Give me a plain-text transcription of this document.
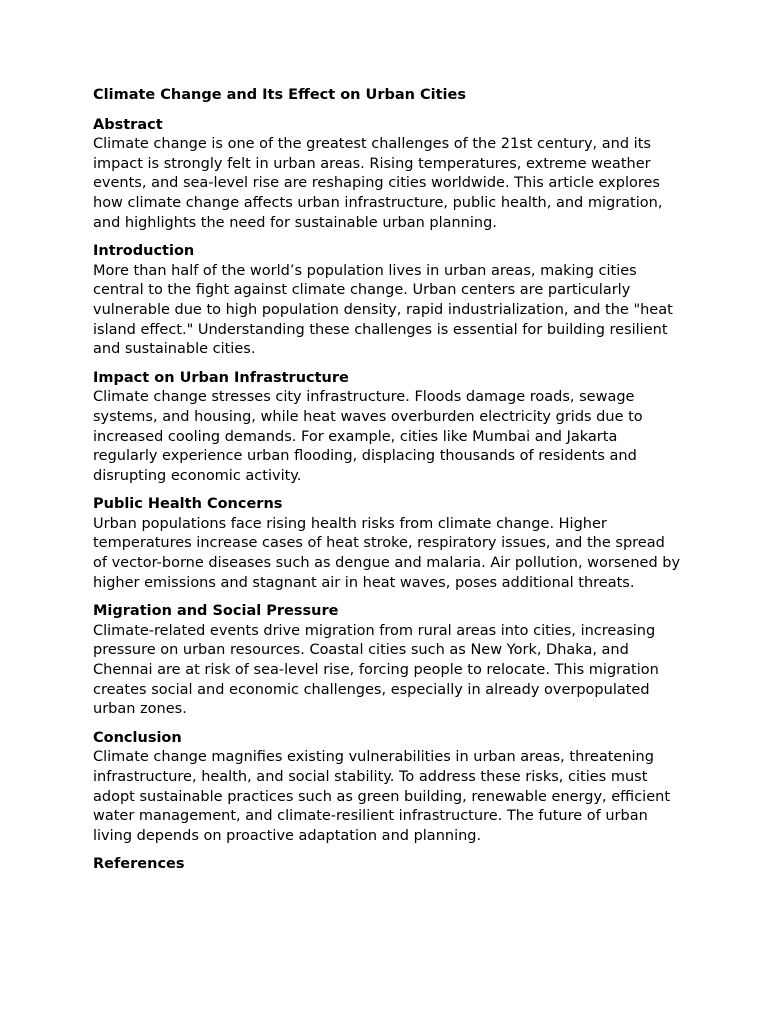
Climate Change and Its Effect on Urban Cities
Abstract
Climate change is one of the greatest challenges of the 21st century, and its impact is strongly felt in urban areas. Rising temperatures, extreme weather events, and sea-level rise are reshaping cities worldwide. This article explores how climate change affects urban infrastructure, public health, and migration, and highlights the need for sustainable urban planning.
Introduction
More than half of the world’s population lives in urban areas, making cities central to the fight against climate change. Urban centers are particularly vulnerable due to high population density, rapid industrialization, and the "heat island effect." Understanding these challenges is essential for building resilient and sustainable cities.
Impact on Urban Infrastructure
Climate change stresses city infrastructure. Floods damage roads, sewage systems, and housing, while heat waves overburden electricity grids due to increased cooling demands. For example, cities like Mumbai and Jakarta regularly experience urban flooding, displacing thousands of residents and disrupting economic activity.
Public Health Concerns
Urban populations face rising health risks from climate change. Higher temperatures increase cases of heat stroke, respiratory issues, and the spread of vector-borne diseases such as dengue and malaria. Air pollution, worsened by higher emissions and stagnant air in heat waves, poses additional threats.
Migration and Social Pressure
Climate-related events drive migration from rural areas into cities, increasing pressure on urban resources. Coastal cities such as New York, Dhaka, and Chennai are at risk of sea-level rise, forcing people to relocate. This migration creates social and economic challenges, especially in already overpopulated urban zones.
Conclusion
Climate change magnifies existing vulnerabilities in urban areas, threatening infrastructure, health, and social stability. To address these risks, cities must adopt sustainable practices such as green building, renewable energy, efficient water management, and climate-resilient infrastructure. The future of urban living depends on proactive adaptation and planning.
References
